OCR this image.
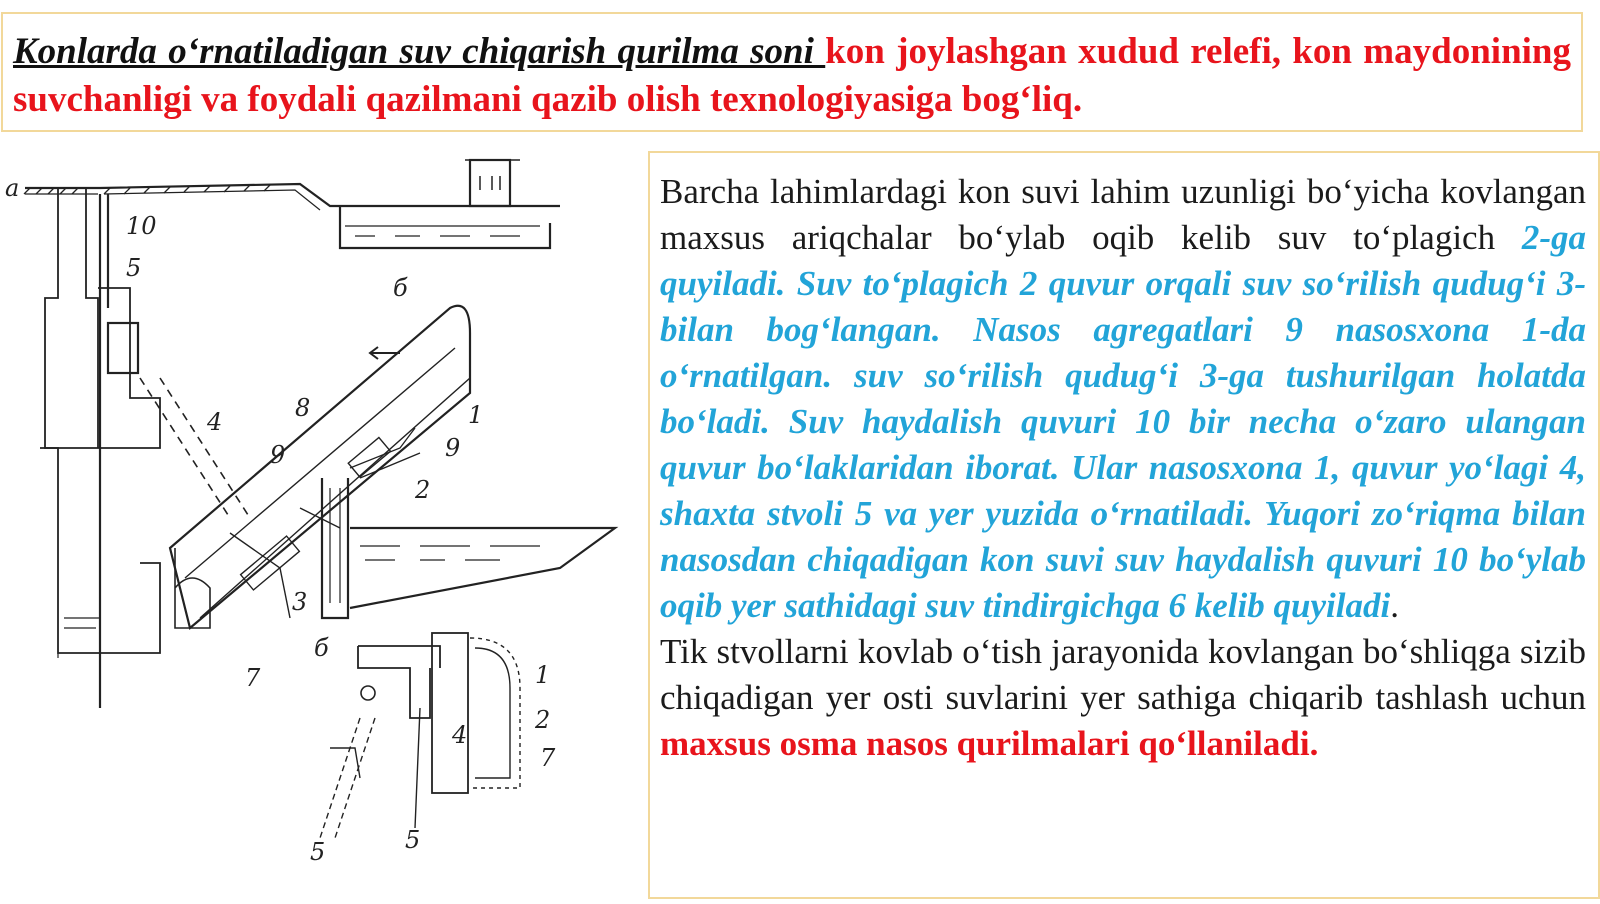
Konlarda o‘rnatiladigan suv chiqarish qurilma soni kon joylashgan xudud relefi, kon maydonining suvchanligi va foydali qazilmani qazib olish texnologiyasiga bog‘liq.

a
10
5
б
4	8	1
9	9
2
3
7
б
1
2
4
7
5
5

Barcha lahimlardagi kon suvi lahim uzunligi bo‘yicha kovlangan maxsus ariqchalar bo‘ylab oqib kelib suv to‘plagich 2-ga quyiladi. Suv to‘plagich 2 quvur orqali suv so‘rilish qudug‘i 3- bilan bog‘langan. Nasos agregatlari 9 nasosxona 1-da o‘rnatilgan. suv so‘rilish qudug‘i 3-ga tushurilgan holatda bo‘ladi. Suv haydalish quvuri 10 bir necha o‘zaro ulangan quvur bo‘laklaridan iborat. Ular nasosxona 1, quvur yo‘lagi 4, shaxta stvoli 5 va yer yuzida o‘rnatiladi. Yuqori zo‘riqma bilan nasosdan chiqadigan kon suvi suv haydalish quvuri 10 bo‘ylab oqib yer sathidagi suv tindirgichga 6 kelib quyiladi.

Tik stvollarni kovlab o‘tish jarayonida kovlangan bo‘shliqga sizib chiqadigan yer osti suvlarini yer sathiga chiqarib tashlash uchun maxsus osma nasos qurilmalari qo‘llaniladi.
